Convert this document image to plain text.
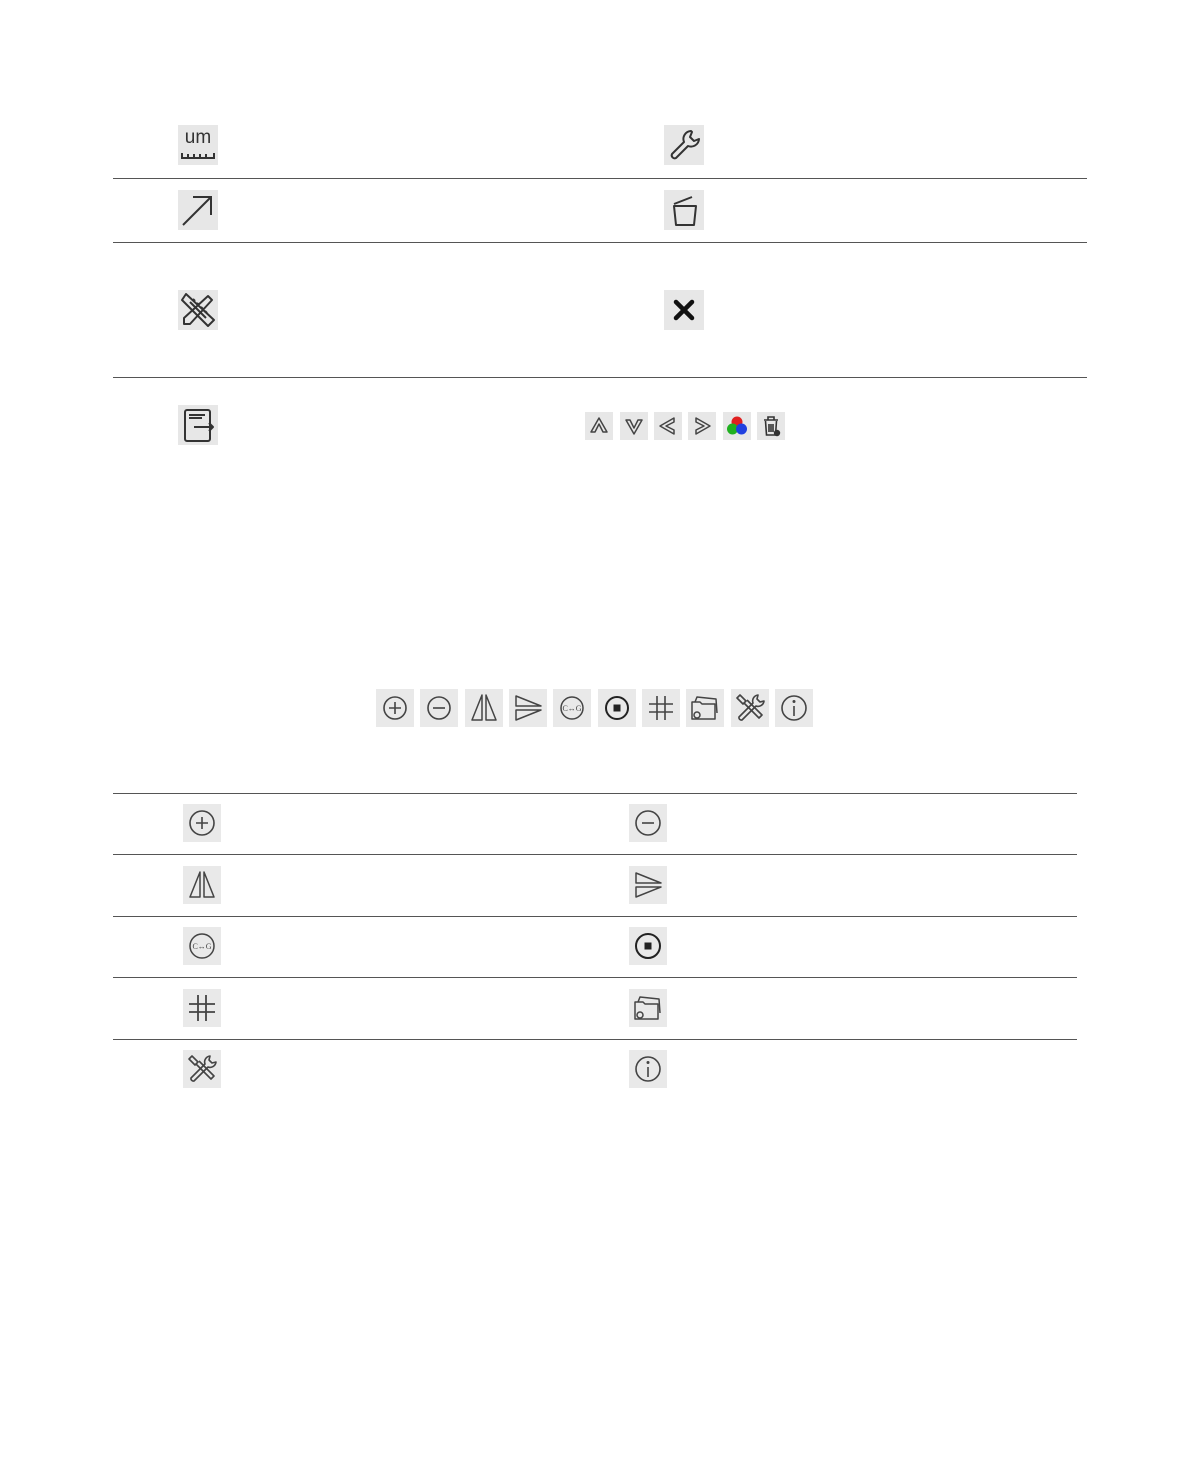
um
C↔G
C↔G
